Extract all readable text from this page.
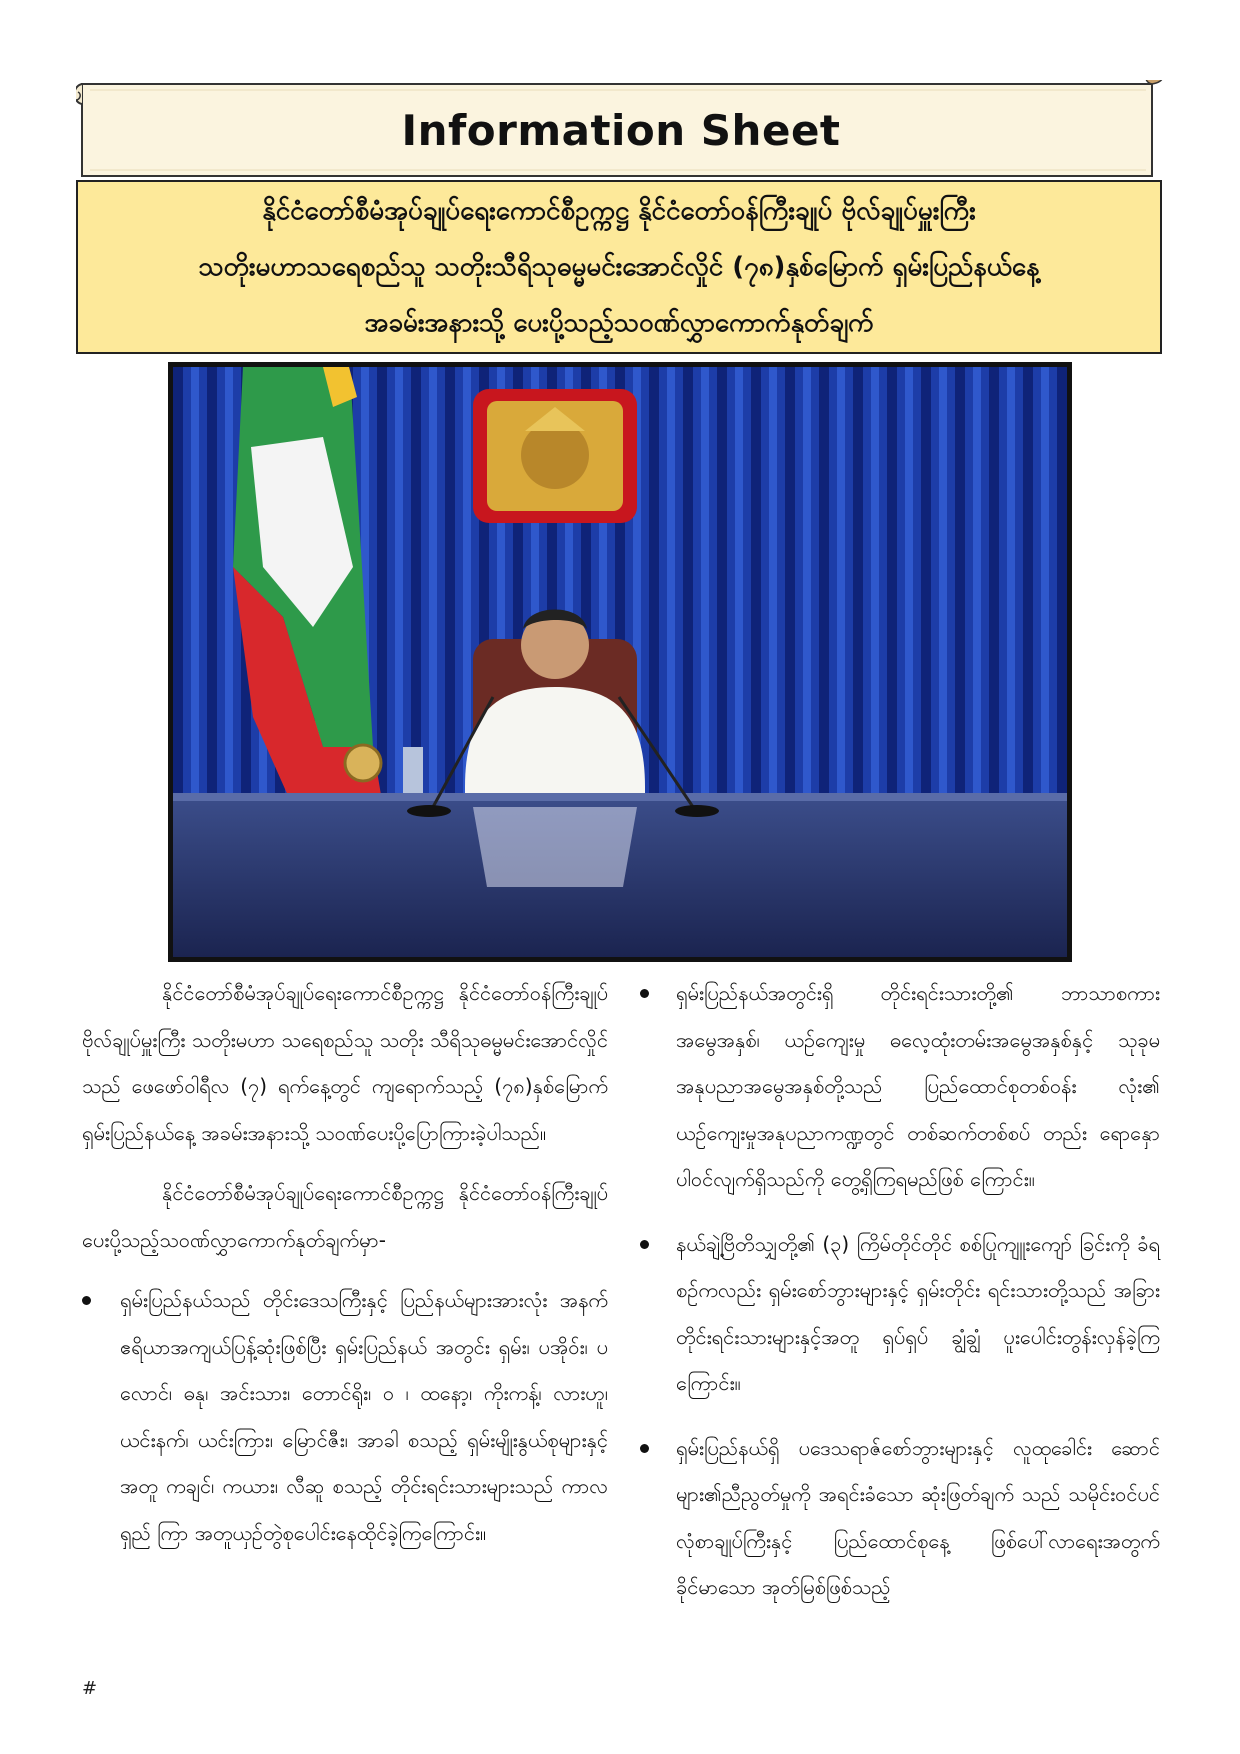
Information Sheet
နိုင်ငံတော်စီမံအုပ်ချုပ်ရေးကောင်စီဥက္ကဋ္ဌ နိုင်ငံတော်ဝန်ကြီးချုပ် ဗိုလ်ချုပ်မှူးကြီး
သတိုးမဟာသရေစည်သူ သတိုးသီရိသုဓမ္မမင်းအောင်လှိုင် (၇၈)နှစ်မြောက် ရှမ်းပြည်နယ်နေ့
အခမ်းအနားသို့ ပေးပို့သည့်သဝဏ်လွှာကောက်နုတ်ချက်

နိုင်ငံတော်စီမံအုပ်ချုပ်ရေးကောင်စီဥက္ကဋ္ဌ နိုင်ငံတော်ဝန်ကြီးချုပ် ဗိုလ်ချုပ်မှူးကြီး သတိုးမဟာ သရေစည်သူ သတိုး သီရိသုဓမ္မမင်းအောင်လှိုင်သည် ဖေဖော်ဝါရီလ (၇) ရက်နေ့တွင် ကျရောက်သည့် (၇၈)နှစ်မြောက် ရှမ်းပြည်နယ်နေ့ အခမ်းအနားသို့ သဝဏ်ပေးပို့ပြောကြားခဲ့ပါသည်။

နိုင်ငံတော်စီမံအုပ်ချုပ်ရေးကောင်စီဥက္ကဋ္ဌ နိုင်ငံတော်ဝန်ကြီးချုပ်ပေးပို့သည့်သဝဏ်လွှာကောက်နုတ်ချက်မှာ-

ရှမ်းပြည်နယ်သည် တိုင်းဒေသကြီးနှင့် ပြည်နယ်များအားလုံး အနက် ဧရိယာအကျယ်ပြန့်ဆုံးဖြစ်ပြီး ရှမ်းပြည်နယ် အတွင်း ရှမ်း၊ ပအိုဝ်း၊ ပလောင်၊ ဓနု၊ အင်းသား၊ တောင်ရိုး၊ ဝ ၊ ထနော့၊ ကိုးကန့်၊ လားဟူ၊ ယင်းနက်၊ ယင်းကြား၊ မြောင်ဇီး၊ အာခါ စသည့် ရှမ်းမျိုးနွယ်စုများနှင့်အတူ ကချင်၊ ကယား၊ လီဆူ စသည့် တိုင်းရင်းသားများသည် ကာလရှည် ကြာ အတူယှဉ်တွဲစုပေါင်းနေထိုင်ခဲ့ကြကြောင်း။
ရှမ်းပြည်နယ်အတွင်းရှိ တိုင်းရင်းသားတို့၏ ဘာသာစကား အမွေအနှစ်၊ ယဉ်ကျေးမှု ဓလေ့ထုံးတမ်းအမွေအနှစ်နှင့် သုခုမအနုပညာအမွေအနှစ်တို့သည် ပြည်ထောင်စုတစ်ဝန်း လုံး၏ ယဉ်ကျေးမှုအနုပညာကဏ္ဍတွင် တစ်ဆက်တစ်စပ် တည်း ရောနှောပါဝင်လျက်ရှိသည်ကို တွေ့ရှိကြရမည်ဖြစ် ကြောင်း။
နယ်ချဲ့ဗြိတိသျှတို့၏ (၃) ကြိမ်တိုင်တိုင် စစ်ပြုကျူးကျော် ခြင်းကို ခံရစဉ်ကလည်း ရှမ်းစော်ဘွားများနှင့် ရှမ်းတိုင်း ရင်းသားတို့သည် အခြားတိုင်းရင်းသားများနှင့်အတူ ရှပ်ရှပ် ချွံချွံ ပူးပေါင်းတွန်းလှန်ခဲ့ကြကြောင်း။
ရှမ်းပြည်နယ်ရှိ ပဒေသရာဇ်စော်ဘွားများနှင့် လူထုခေါင်း ဆောင်များ၏ညီညွတ်မှုကို အရင်းခံသော ဆုံးဖြတ်ချက် သည် သမိုင်းဝင်ပင်လုံစာချုပ်ကြီးနှင့် ပြည်ထောင်စုနေ့ ဖြစ်ပေါ်လာရေးအတွက် ခိုင်မာသော အုတ်မြစ်ဖြစ်သည့်
#
